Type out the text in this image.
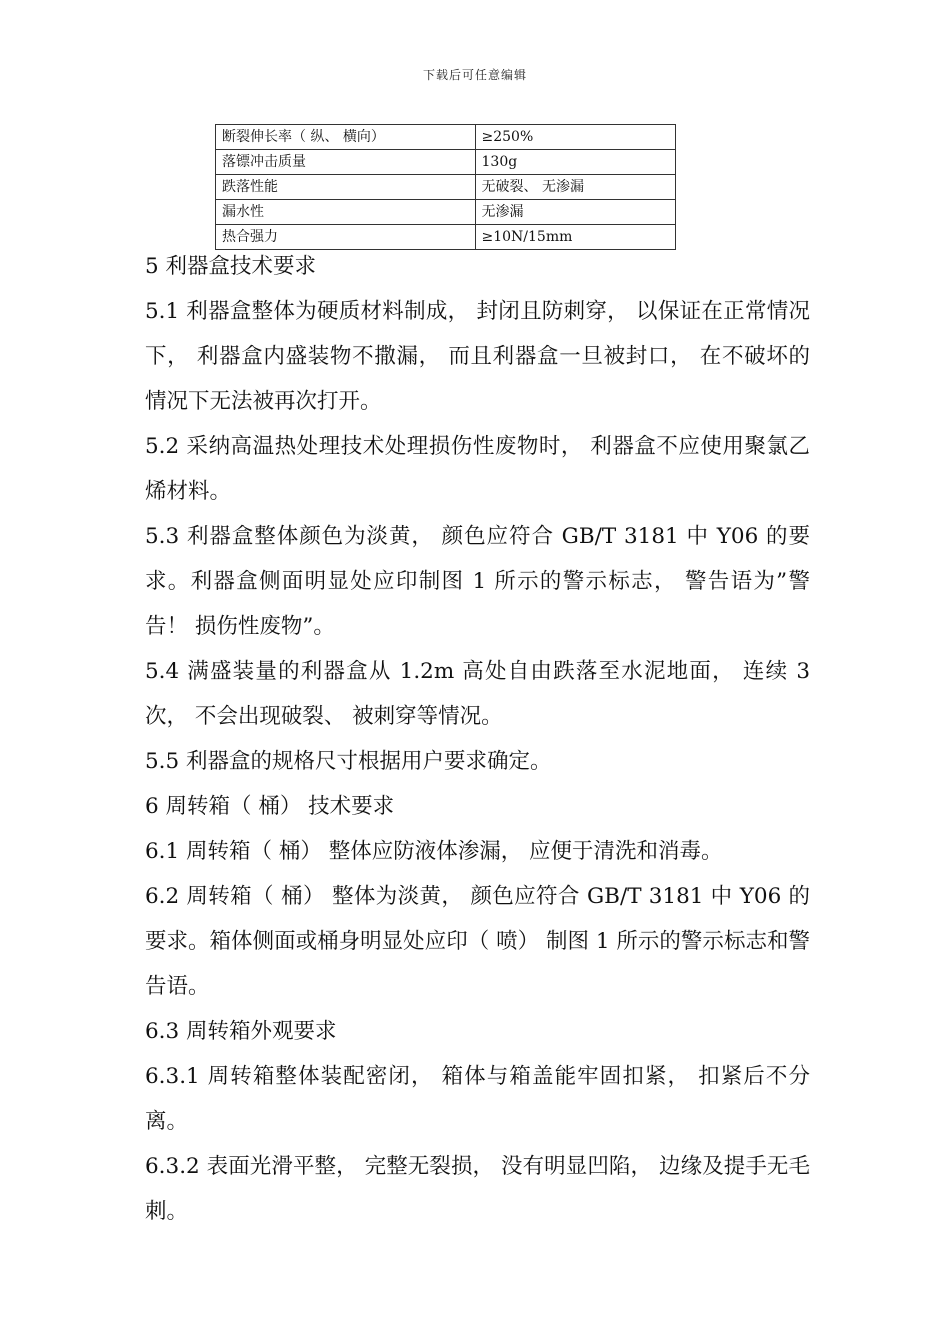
下载后可任意编辑
断裂伸长率（ 纵、 横向）	≥250%
落镖冲击质量	130g
跌落性能	无破裂、 无渗漏
漏水性	无渗漏
热合强力	≥10N/15mm

5 利器盒技术要求

5.1 利器盒整体为硬质材料制成， 封闭且防刺穿， 以保证在正常情况下， 利器盒内盛装物不撒漏， 而且利器盒一旦被封口， 在不破坏的情况下无法被再次打开。

5.2 采纳高温热处理技术处理损伤性废物时， 利器盒不应使用聚氯乙烯材料。

5.3 利器盒整体颜色为淡黄， 颜色应符合 GB/T 3181 中 Y06 的要求。利器盒侧面明显处应印制图 1 所示的警示标志， 警告语为”警告！ 损伤性废物”。

5.4 满盛装量的利器盒从 1.2m 高处自由跌落至水泥地面， 连续 3 次， 不会出现破裂、 被刺穿等情况。

5.5 利器盒的规格尺寸根据用户要求确定。

6 周转箱（ 桶） 技术要求

6.1 周转箱（ 桶） 整体应防液体渗漏， 应便于清洗和消毒。

6.2 周转箱（ 桶） 整体为淡黄， 颜色应符合 GB/T 3181 中 Y06 的要求。箱体侧面或桶身明显处应印（ 喷） 制图 1 所示的警示标志和警告语。

6.3 周转箱外观要求

6.3.1 周转箱整体装配密闭， 箱体与箱盖能牢固扣紧， 扣紧后不分离。

6.3.2 表面光滑平整， 完整无裂损， 没有明显凹陷， 边缘及提手无毛刺。
